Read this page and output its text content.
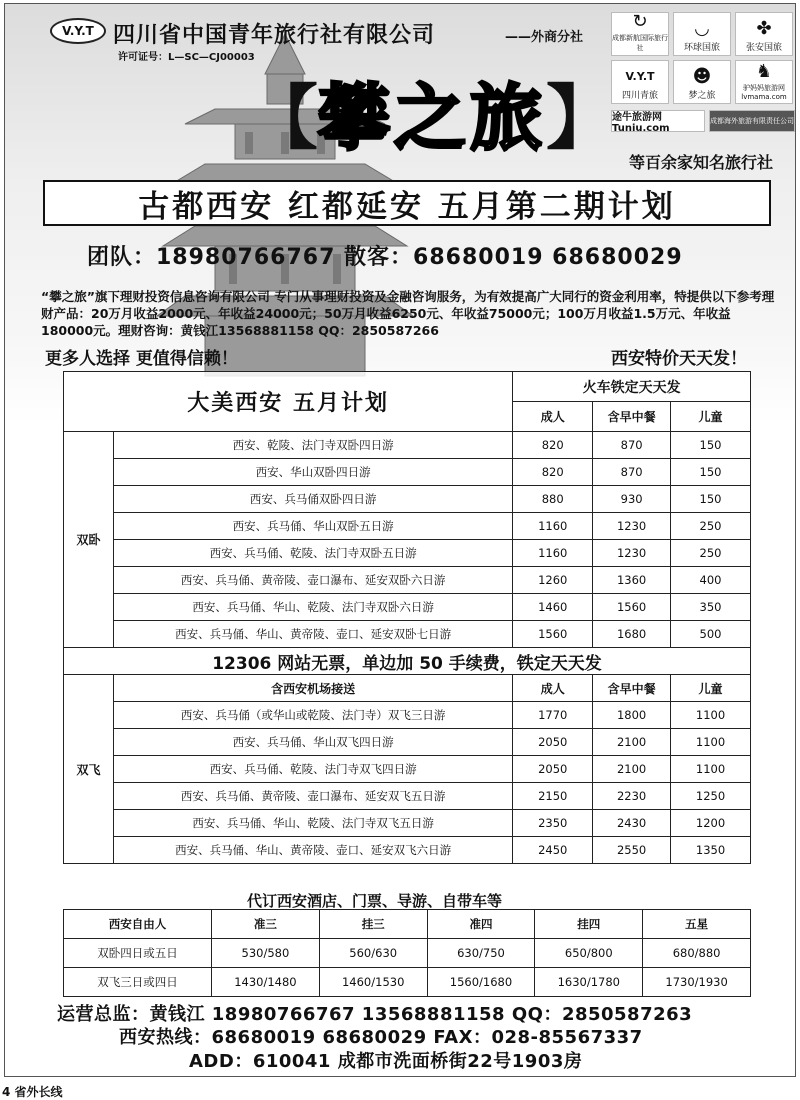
V.Y.T 四川省中国青年旅行社有限公司	——外商分社
许可证号：L—SC—CJ00003
↻
成都新航国际旅行社
◡
环球国旅
✤
张安国旅
V.Y.T
四川青旅
☻
梦之旅
♞
驴妈妈旅游网 lvmama.com
途牛旅游网 Tuniu.com
成都海外旅游有限责任公司
【 攀之旅 】
等百余家知名旅行社
古都西安 红都延安 五月第二期计划
团队：18980766767 散客：68680019 68680029
“攀之旅”旗下理财投资信息咨询有限公司 专门从事理财投资及金融咨询服务，为有效提高广大同行的资金利用率，特提供以下参考理财产品：20万月收益2000元、年收益24000元；50万月收益6250元、年收益75000元；100万月收益1.5万元、年收益180000元。理财咨询：黄钱江13568881158 QQ：2850587266
更多人选择 更值得信赖！	西安特价天天发！
大美西安 五月计划		火车铁定天天发		
		成人	含早中餐	儿童
双卧	西安、乾陵、法门寺双卧四日游	820	870	150
	西安、华山双卧四日游	820	870	150
	西安、兵马俑双卧四日游	880	930	150
	西安、兵马俑、华山双卧五日游	1160	1230	250
	西安、兵马俑、乾陵、法门寺双卧五日游	1160	1230	250
	西安、兵马俑、黄帝陵、壶口瀑布、延安双卧六日游	1260	1360	400
	西安、兵马俑、华山、乾陵、法门寺双卧六日游	1460	1560	350
	西安、兵马俑、华山、黄帝陵、壶口、延安双卧七日游	1560	1680	500
12306 网站无票，单边加 50 手续费，铁定天天发				
双飞	含西安机场接送	成人	含早中餐	儿童
	西安、兵马俑（或华山或乾陵、法门寺）双飞三日游	1770	1800	1100
	西安、兵马俑、华山双飞四日游	2050	2100	1100
	西安、兵马俑、乾陵、法门寺双飞四日游	2050	2100	1100
	西安、兵马俑、黄帝陵、壶口瀑布、延安双飞五日游	2150	2230	1250
	西安、兵马俑、华山、乾陵、法门寺双飞五日游	2350	2430	1200
	西安、兵马俑、华山、黄帝陵、壶口、延安双飞六日游	2450	2550	1350
代订西安酒店、门票、导游、自带车等
西安自由人	准三	挂三	准四	挂四	五星
双卧四日或五日	530/580	560/630	630/750	650/800	680/880
双飞三日或四日	1430/1480	1460/1530	1560/1680	1630/1780	1730/1930
运营总监：黄钱江 18980766767 13568881158 QQ：2850587263
西安热线：68680019 68680029 FAX：028-85567337
ADD：610041 成都市洗面桥街22号1903房
4 省外长线
